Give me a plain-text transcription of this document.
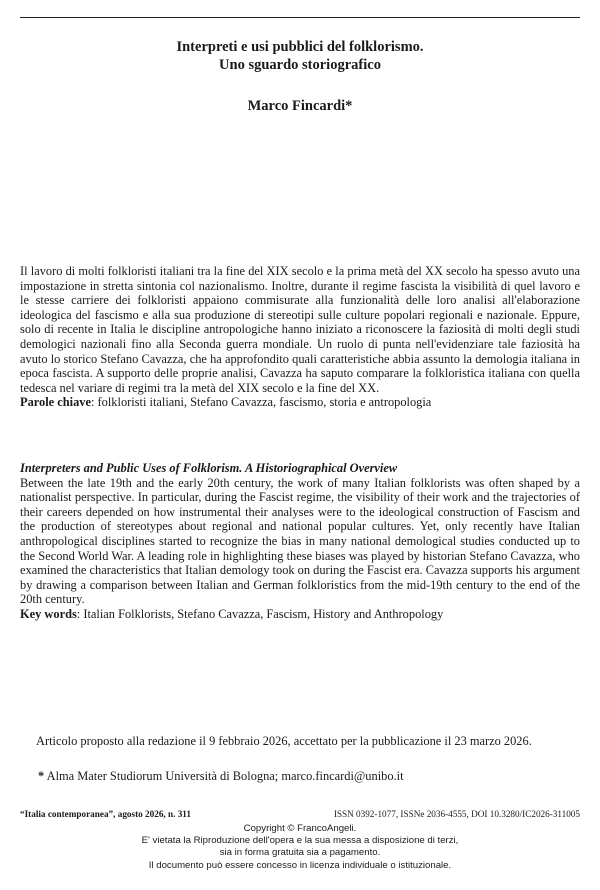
Interpreti e usi pubblici del folklorismo.
Uno sguardo storiografico
Marco Fincardi*
Il lavoro di molti folkloristi italiani tra la fine del XIX secolo e la prima metà del XX secolo ha spesso avuto una impostazione in stretta sintonia col nazionalismo. Inoltre, durante il regime fascista la visibilità di quel lavoro e le stesse carriere dei folkloristi appaiono commisurate alla funzionalità delle loro analisi all'elaborazione ideologica del fascismo e alla sua produzione di stereotipi sulle culture popolari regionali e nazionale. Eppure, solo di recente in Italia le discipline antropologiche hanno iniziato a riconoscere la faziosità di molti degli studi demologici nazionali fino alla Seconda guerra mondiale. Un ruolo di punta nell'evidenziare tale faziosità ha avuto lo storico Stefano Cavazza, che ha approfondito quali caratteristiche abbia assunto la demologia italiana in epoca fascista. A supporto delle proprie analisi, Cavazza ha saputo comparare la folkloristica italiana con quella tedesca nel variare di regimi tra la metà del XIX secolo e la fine del XX.
Parole chiave: folkloristi italiani, Stefano Cavazza, fascismo, storia e antropologia
Interpreters and Public Uses of Folklorism. A Historiographical Overview
Between the late 19th and the early 20th century, the work of many Italian folklorists was often shaped by a nationalist perspective. In particular, during the Fascist regime, the visibility of their work and the trajectories of their careers depended on how instrumental their analyses were to the ideological construction of Fascism and the production of stereotypes about regional and national popular cultures. Yet, only recently have Italian anthropological disciplines started to recognize the bias in many national demological studies conducted up to the Second World War. A leading role in highlighting these biases was played by historian Stefano Cavazza, who examined the characteristics that Italian demology took on during the Fascist era. Cavazza supports his argument by drawing a comparison between Italian and German folkloristics from the mid-19th century to the end of the 20th century.
Key words: Italian Folklorists, Stefano Cavazza, Fascism, History and Anthropology
Articolo proposto alla redazione il 9 febbraio 2026, accettato per la pubblicazione il 23 marzo 2026.
* Alma Mater Studiorum Università di Bologna; marco.fincardi@unibo.it
“Italia contemporanea”, agosto 2026, n. 311	ISSN 0392-1077, ISSNe 2036-4555, DOI 10.3280/IC2026-311005
Copyright © FrancoAngeli.
E' vietata la Riproduzione dell'opera e la sua messa a disposizione di terzi,
sia in forma gratuita sia a pagamento.
Il documento può essere concesso in licenza individuale o istituzionale.
